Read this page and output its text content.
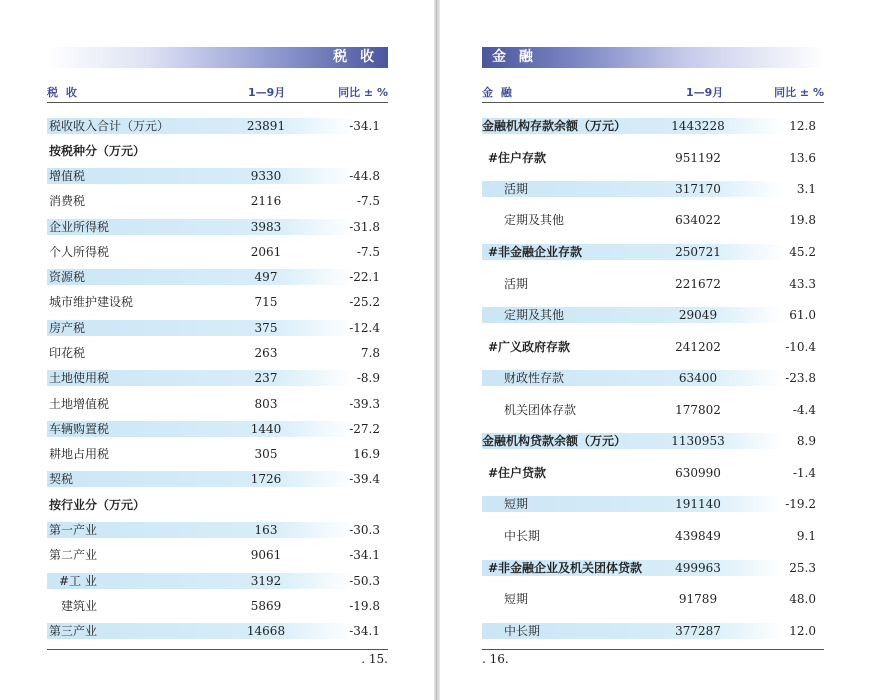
税 收
税 收	1—9月	同比 ± %
税收收入合计（万元）	23891	-34.1
按税种分（万元）
增值税	9330	-44.8
消费税	2116	-7.5
企业所得税	3983	-31.8
个人所得税	2061	-7.5
资源税	497	-22.1
城市维护建设税	715	-25.2
房产税	375	-12.4
印花税	263	7.8
土地使用税	237	-8.9
土地增值税	803	-39.3
车辆购置税	1440	-27.2
耕地占用税	305	16.9
契税	1726	-39.4
按行业分（万元）
第一产业	163	-30.3
第二产业	9061	-34.1
#工 业	3192	-50.3
建筑业	5869	-19.8
第三产业	14668	-34.1
. 15.
金 融
金 融	1—9月	同比 ± %
金融机构存款余额（万元）	1443228	12.8
#住户存款	951192	13.6
活期	317170	3.1
定期及其他	634022	19.8
#非金融企业存款	250721	45.2
活期	221672	43.3
定期及其他	29049	61.0
#广义政府存款	241202	-10.4
财政性存款	63400	-23.8
机关团体存款	177802	-4.4
金融机构贷款余额（万元）	1130953	8.9
#住户贷款	630990	-1.4
短期	191140	-19.2
中长期	439849	9.1
#非金融企业及机关团体贷款	499963	25.3
短期	91789	48.0
中长期	377287	12.0
. 16.
